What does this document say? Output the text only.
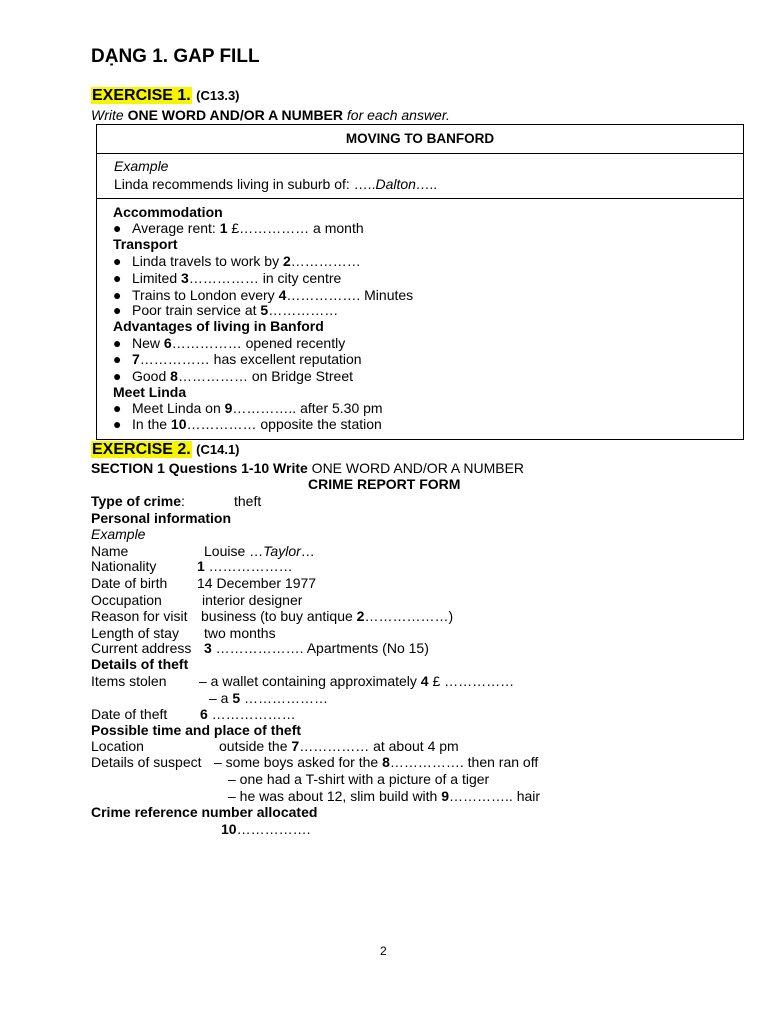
DẠNG 1. GAP FILL
EXERCISE 1. (C13.3)
Write ONE WORD AND/OR A NUMBER for each answer.
MOVING TO BANFORD
Example
Linda recommends living in suburb of: …..Dalton…..
Accommodation
● Average rent: 1 £…………… a month
Transport
● Linda travels to work by 2……………
● Limited 3…………… in city centre
● Trains to London every 4……………. Minutes
● Poor train service at 5……………
Advantages of living in Banford
● New 6…………… opened recently
● 7…………… has excellent reputation
● Good 8…………… on Bridge Street
Meet Linda
● Meet Linda on 9………….. after 5.30 pm
● In the 10…………… opposite the station
EXERCISE 2. (C14.1)
SECTION 1 Questions 1-10 Write ONE WORD AND/OR A NUMBER
CRIME REPORT FORM
Type of crime:	theft
Personal information
Example
Name	Louise …Taylor…
Nationality	1 ………………
Date of birth 14 December 1977
Occupation	interior designer
Reason for visit business (to buy antique 2………………)
Length of stay two months
Current address 3 ………………. Apartments (No 15)
Details of theft
Items stolen – a wallet containing approximately 4 £ ……………
– a 5 ………………
Date of theft 6 ………………
Possible time and place of theft
Location	outside the 7…………… at about 4 pm
Details of suspect – some boys asked for the 8……………. then ran off
– one had a T-shirt with a picture of a tiger
– he was about 12, slim build with 9………….. hair
Crime reference number allocated
10…………….
2
